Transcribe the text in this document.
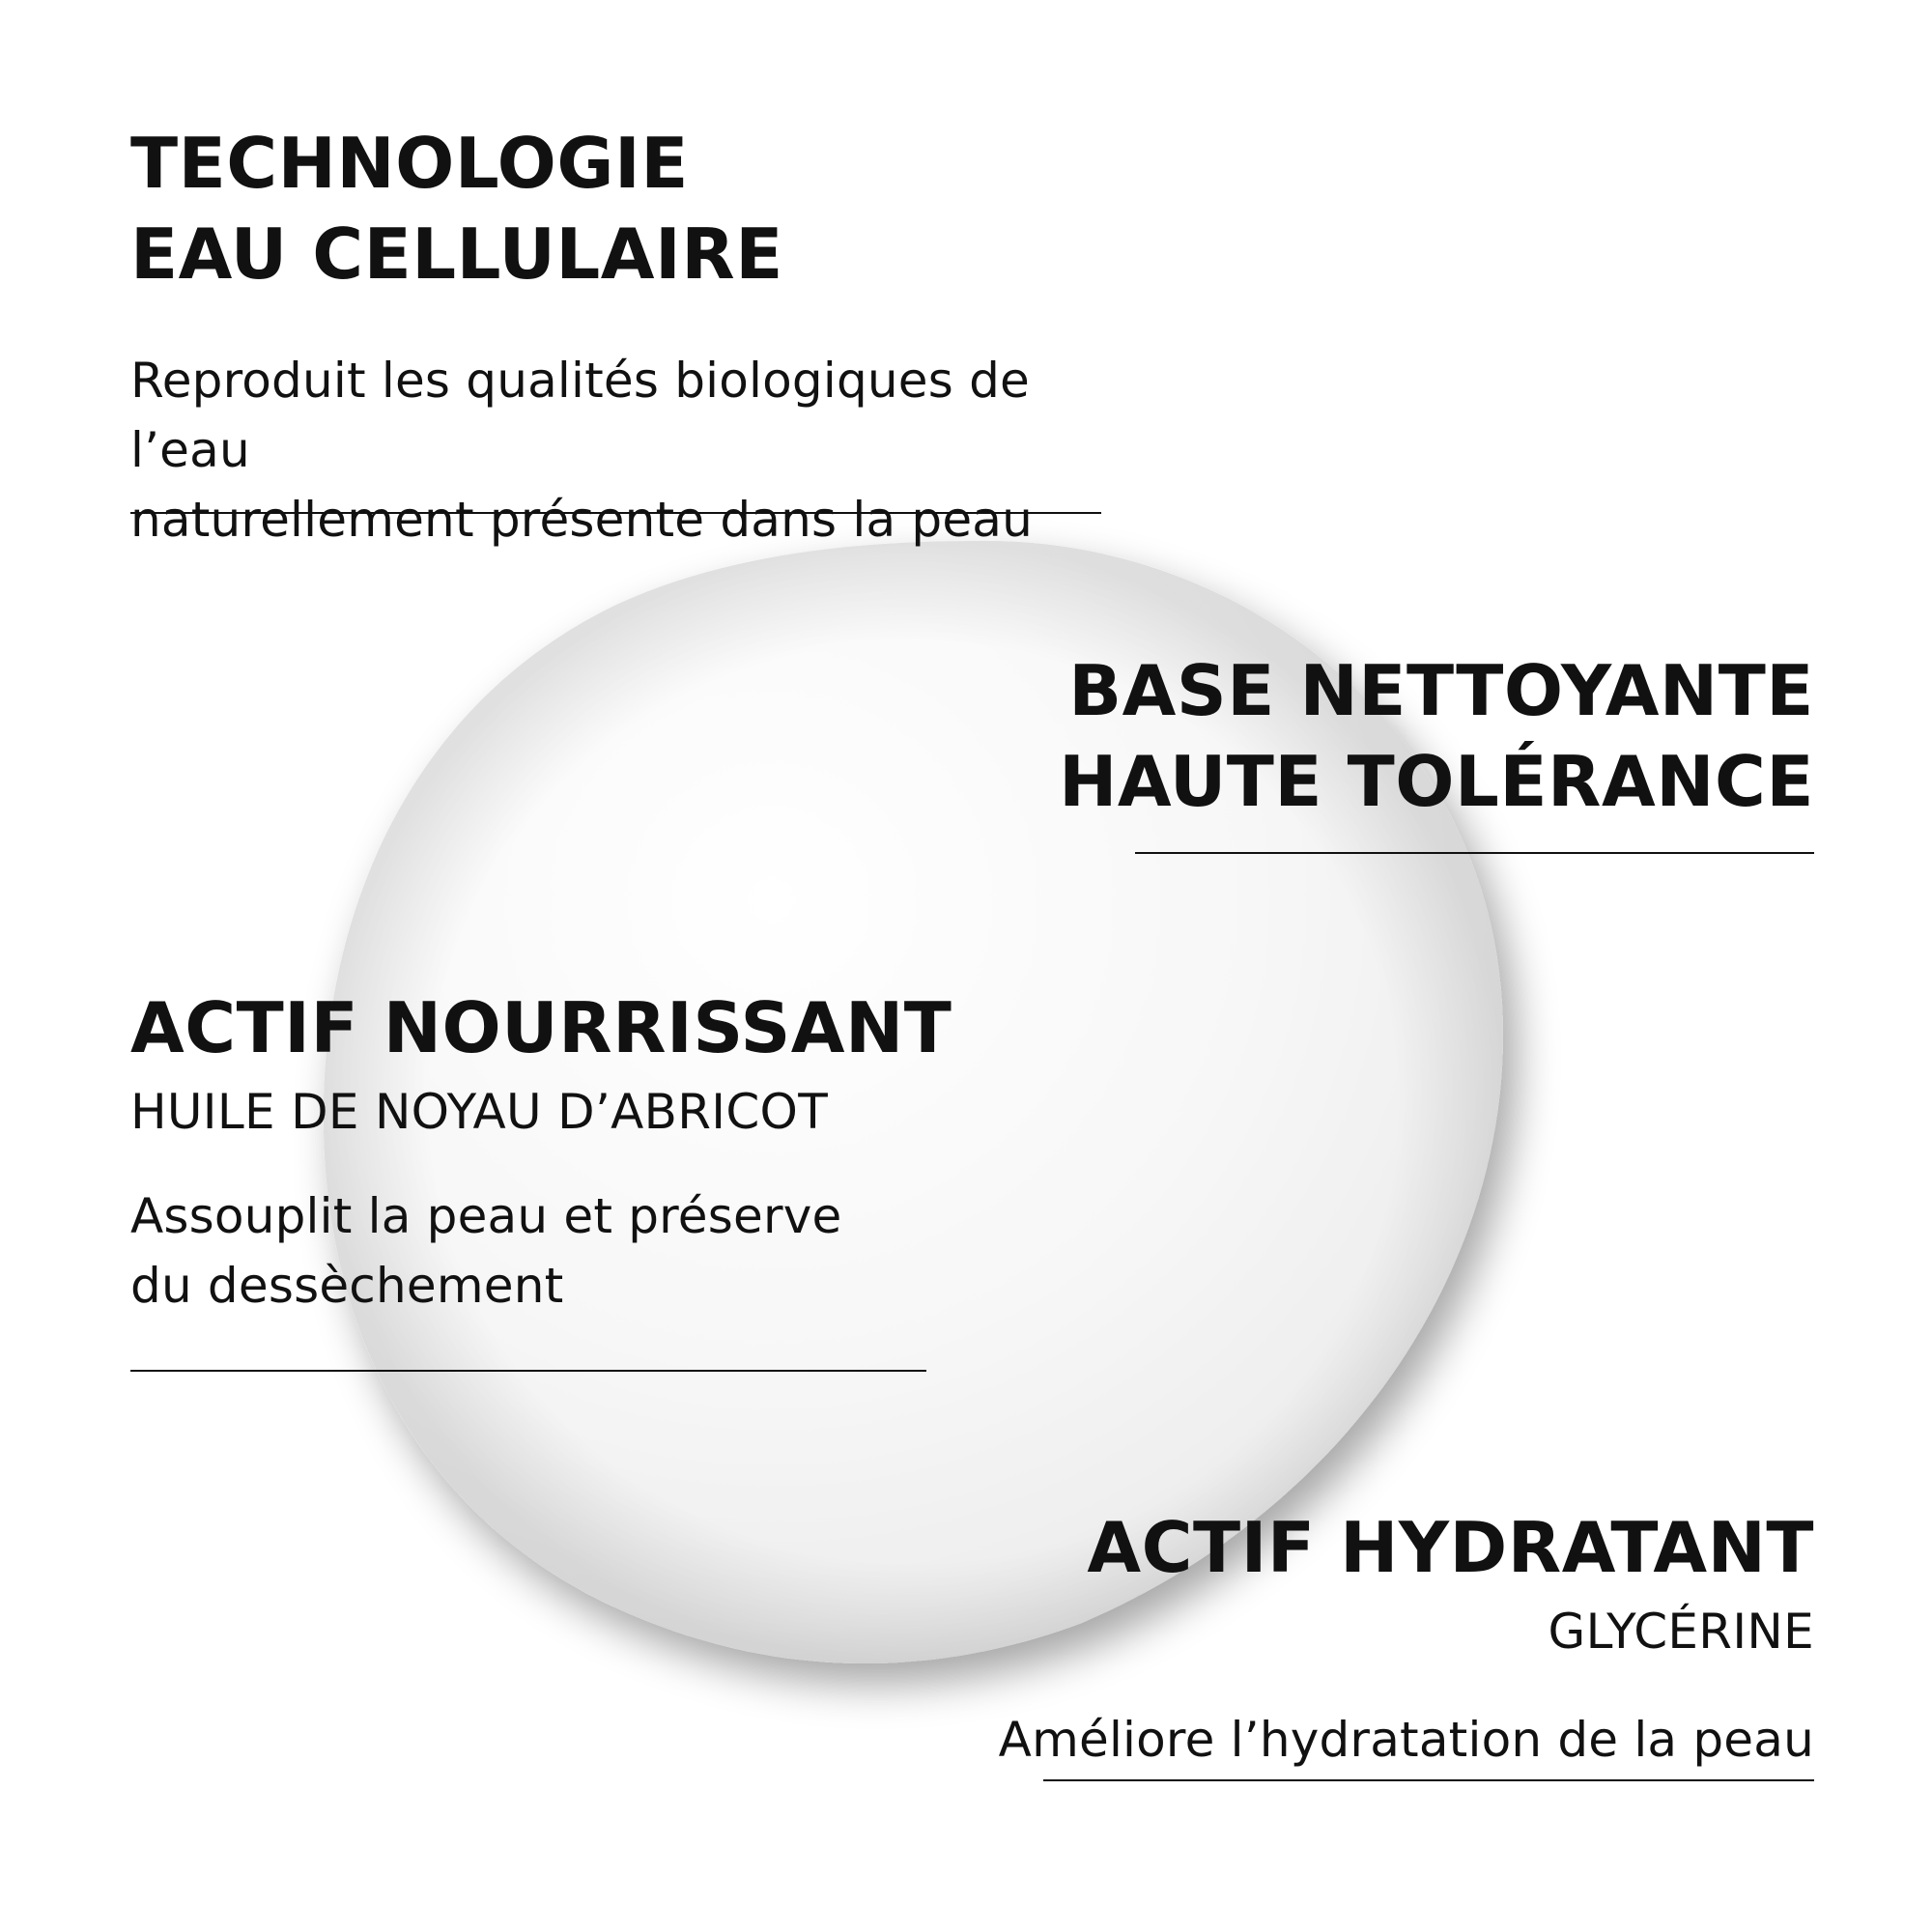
TECHNOLOGIE
EAU CELLULAIRE

Reproduit les qualités biologiques de l’eau
naturellement présente dans la peau

BASE NETTOYANTE
HAUTE TOLÉRANCE
ACTIF NOURRISSANT

HUILE DE NOYAU D’ABRICOT

Assouplit la peau et préserve
du dessèchement

ACTIF HYDRATANT

GLYCÉRINE

Améliore l’hydratation de la peau
